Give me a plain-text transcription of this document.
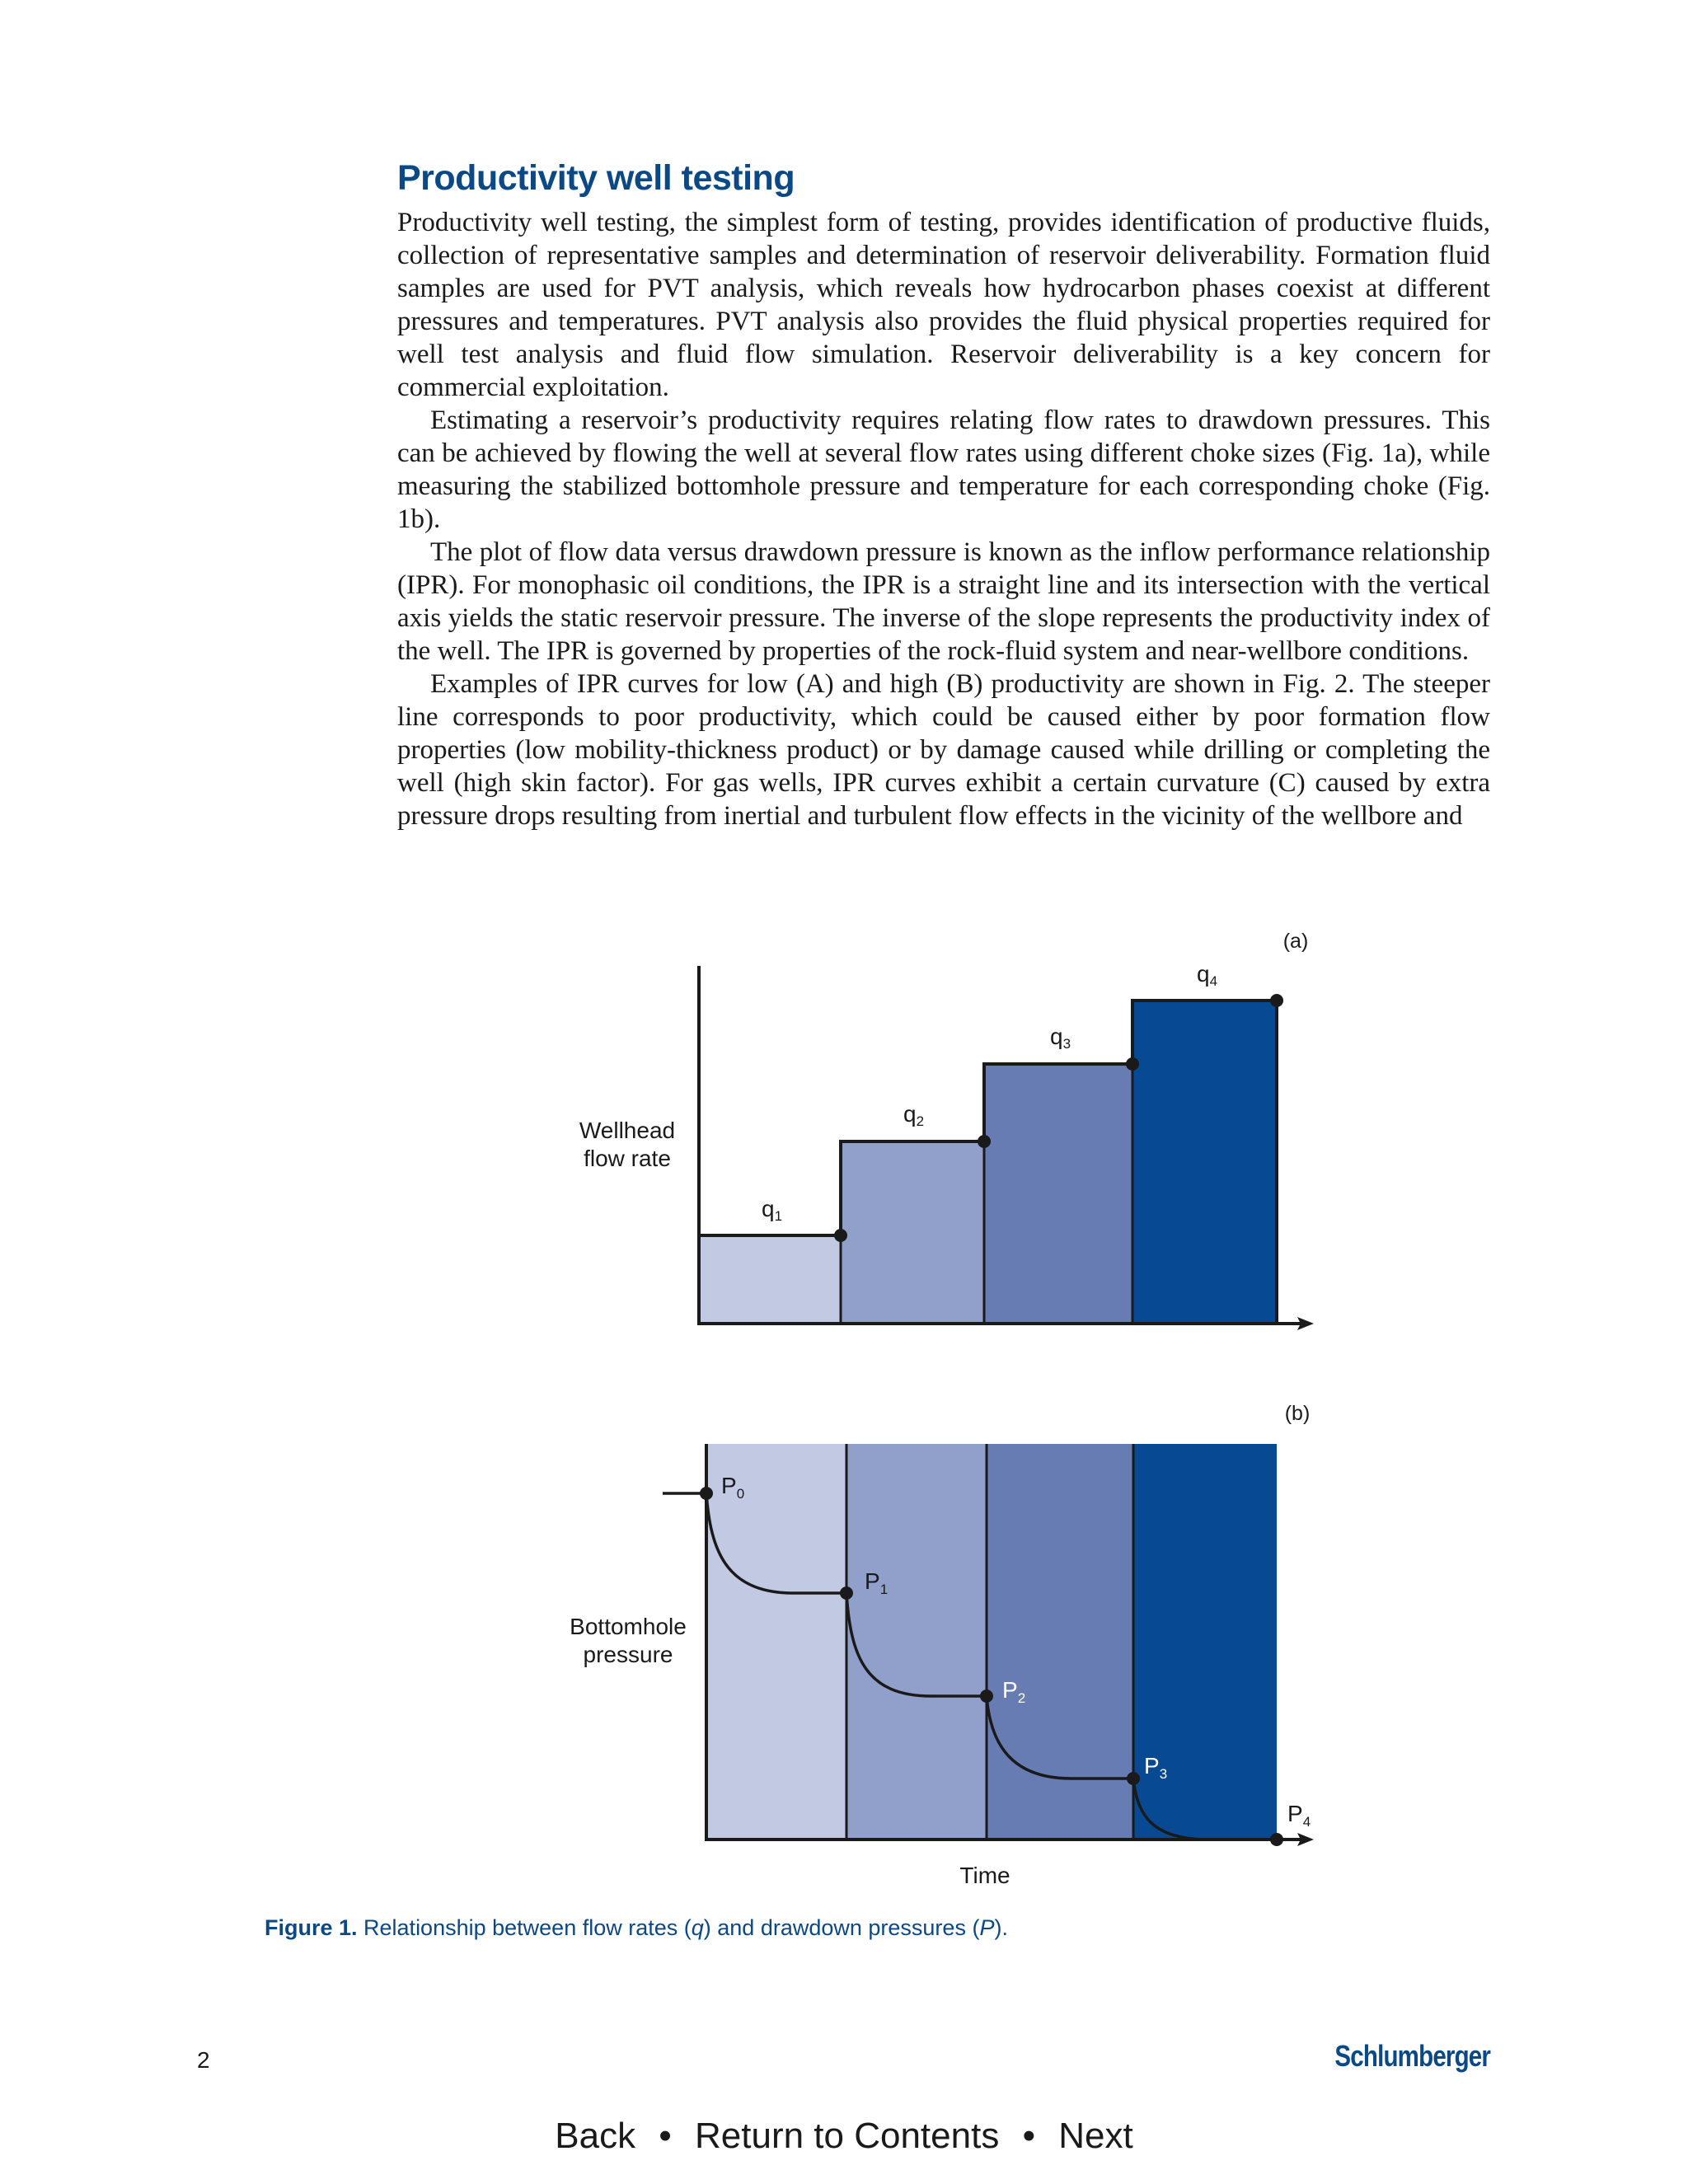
Productivity well testing

Productivity well testing, the simplest form of testing, provides identification of productive fluids, collection of representative samples and determination of reservoir deliverability. Formation fluid samples are used for PVT analysis, which reveals how hydrocarbon phases coexist at different pressures and temperatures. PVT analysis also provides the fluid physical properties required for well test analysis and fluid flow simulation. Reservoir deliverability is a key concern for commercial exploitation.

Estimating a reservoir’s productivity requires relating flow rates to drawdown pressures. This can be achieved by flowing the well at several flow rates using different choke sizes (Fig. 1a), while measuring the stabilized bottomhole pressure and temperature for each corresponding choke (Fig. 1b).

The plot of flow data versus drawdown pressure is known as the inflow performance relationship (IPR). For monophasic oil conditions, the IPR is a straight line and its intersection with the vertical axis yields the static reservoir pressure. The inverse of the slope represents the productivity index of the well. The IPR is governed by properties of the rock-fluid system and near-wellbore conditions.

Examples of IPR curves for low (A) and high (B) productivity are shown in Fig. 2. The steeper line corresponds to poor productivity, which could be caused either by poor formation flow properties (low mobility-thickness product) or by damage caused while drilling or completing the well (high skin factor). For gas wells, IPR curves exhibit a certain curvature (C) caused by extra pressure drops resulting from inertial and turbulent flow effects in the vicinity of the wellbore and

(a)
Wellhead
flow rate
q1
q2
q3
q4
(b)
Bottomhole
pressure
Time
$P_0$
$P_1$
$P_2$
$P_3$
$P_4$
Figure 1. Relationship between flow rates (q) and drawdown pressures (P).
2	Schlumberger
Back • Return to Contents • Next
